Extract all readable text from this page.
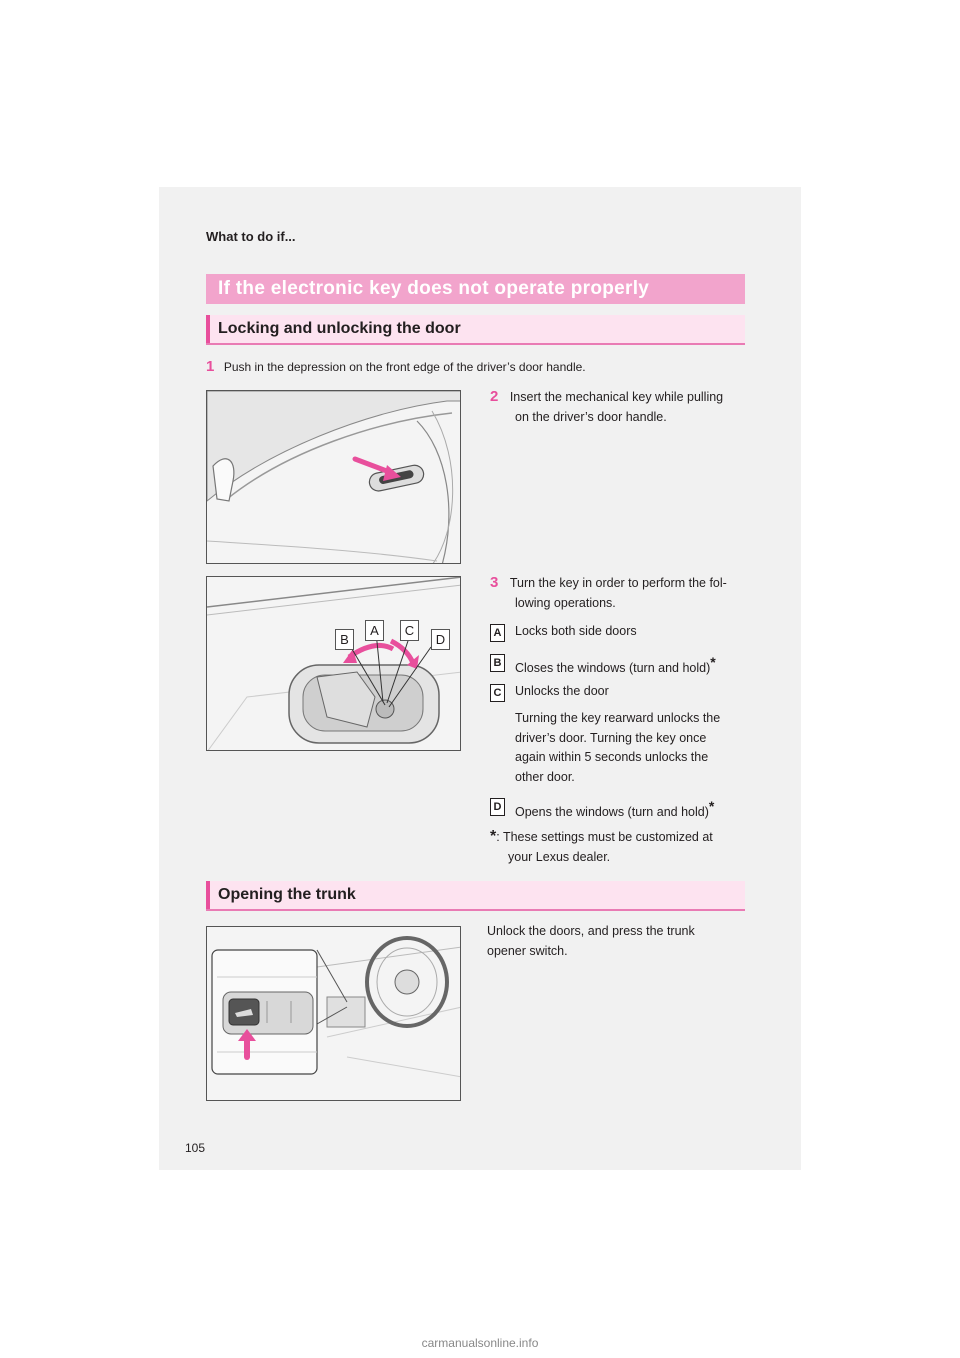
What to do if...
If the electronic key does not operate properly
Locking and unlocking the door
1 Push in the depression on the front edge of the driver’s door handle.
2 Insert the mechanical key while pulling
on the driver’s door handle.
B
A	C
D
3 Turn the key in order to perform the fol-
lowing operations.
A Locks both side doors
B Closes the windows (turn and hold)*
C Unlocks the door
Turning the key rearward unlocks the
driver’s door. Turning the key once
again within 5 seconds unlocks the
other door.
D Opens the windows (turn and hold)*
*: These settings must be customized at
your Lexus dealer.
Opening the trunk
Unlock the doors, and press the trunk
opener switch.
105
carmanualsonline.info
